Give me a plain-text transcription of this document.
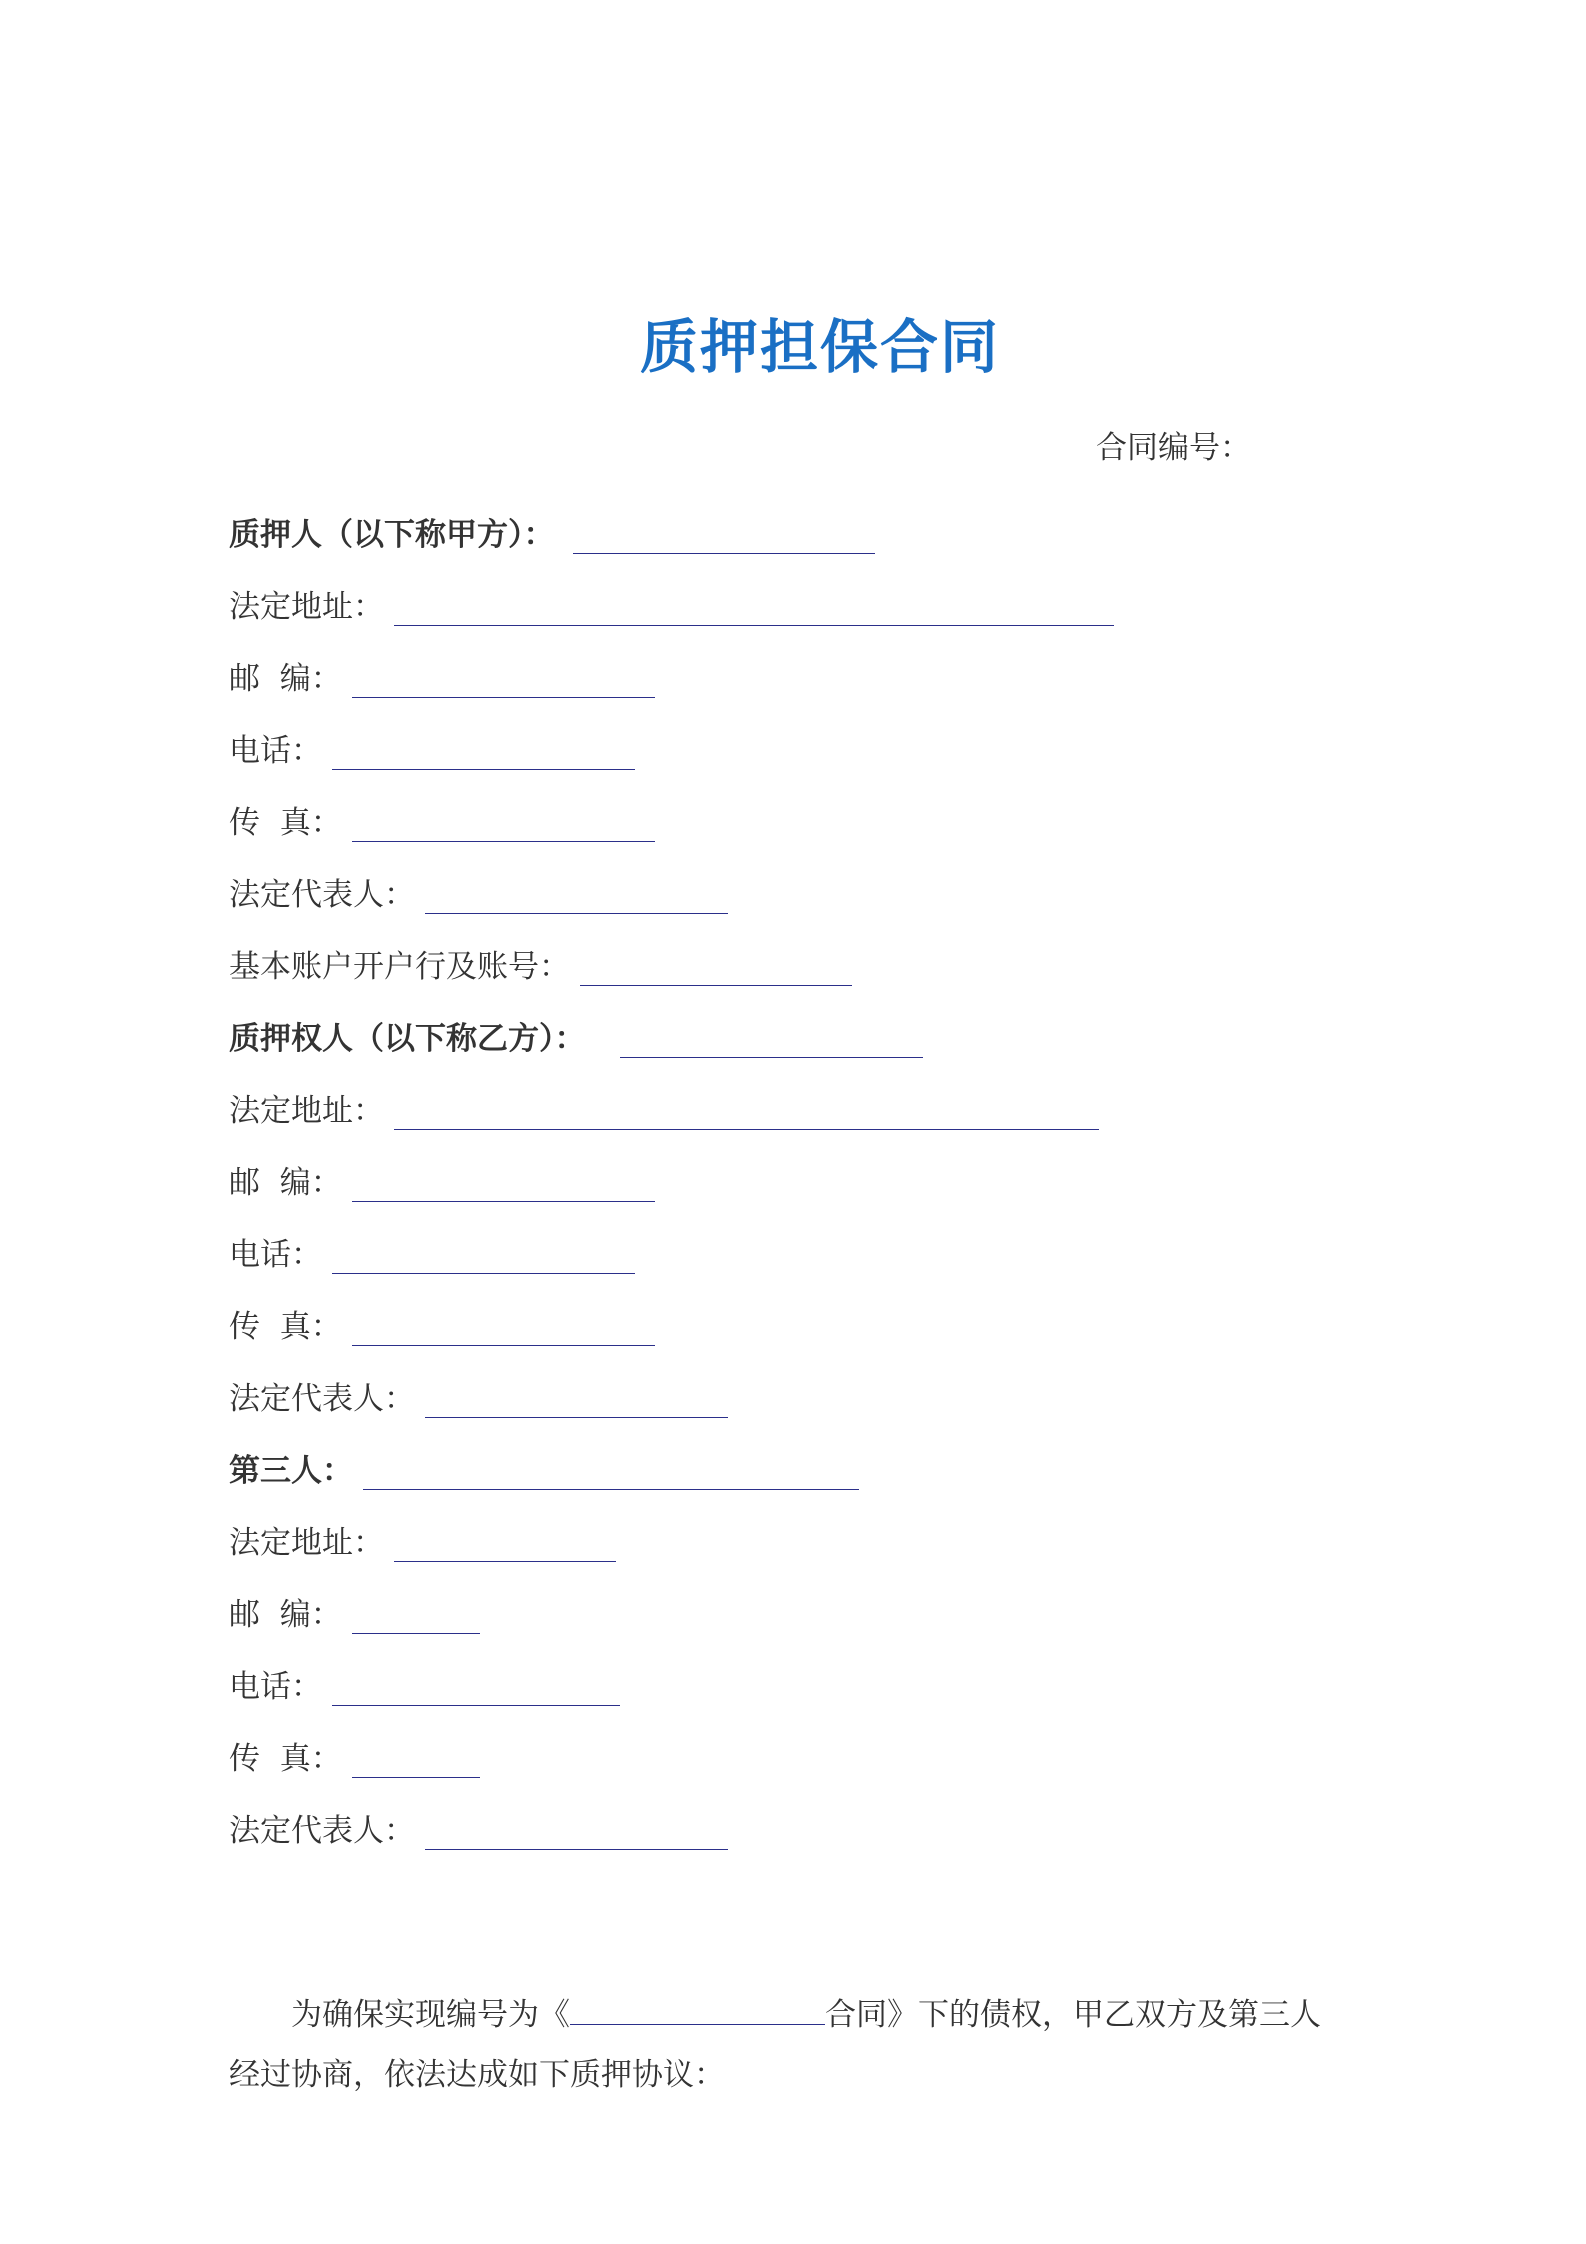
质押担保合同
合同编号：
质押人（以下称甲方）：
法定地址：
邮  编：
电话：
传  真：
法定代表人：
基本账户开户行及账号：
质押权人（以下称乙方）：
法定地址：
邮  编：
电话：
传  真：
法定代表人：
第三人：
法定地址：
邮  编：
电话：
传  真：
法定代表人：
为确保实现编号为《	合同》下的债权，甲乙双方及第三人
经过协商，依法达成如下质押协议：
